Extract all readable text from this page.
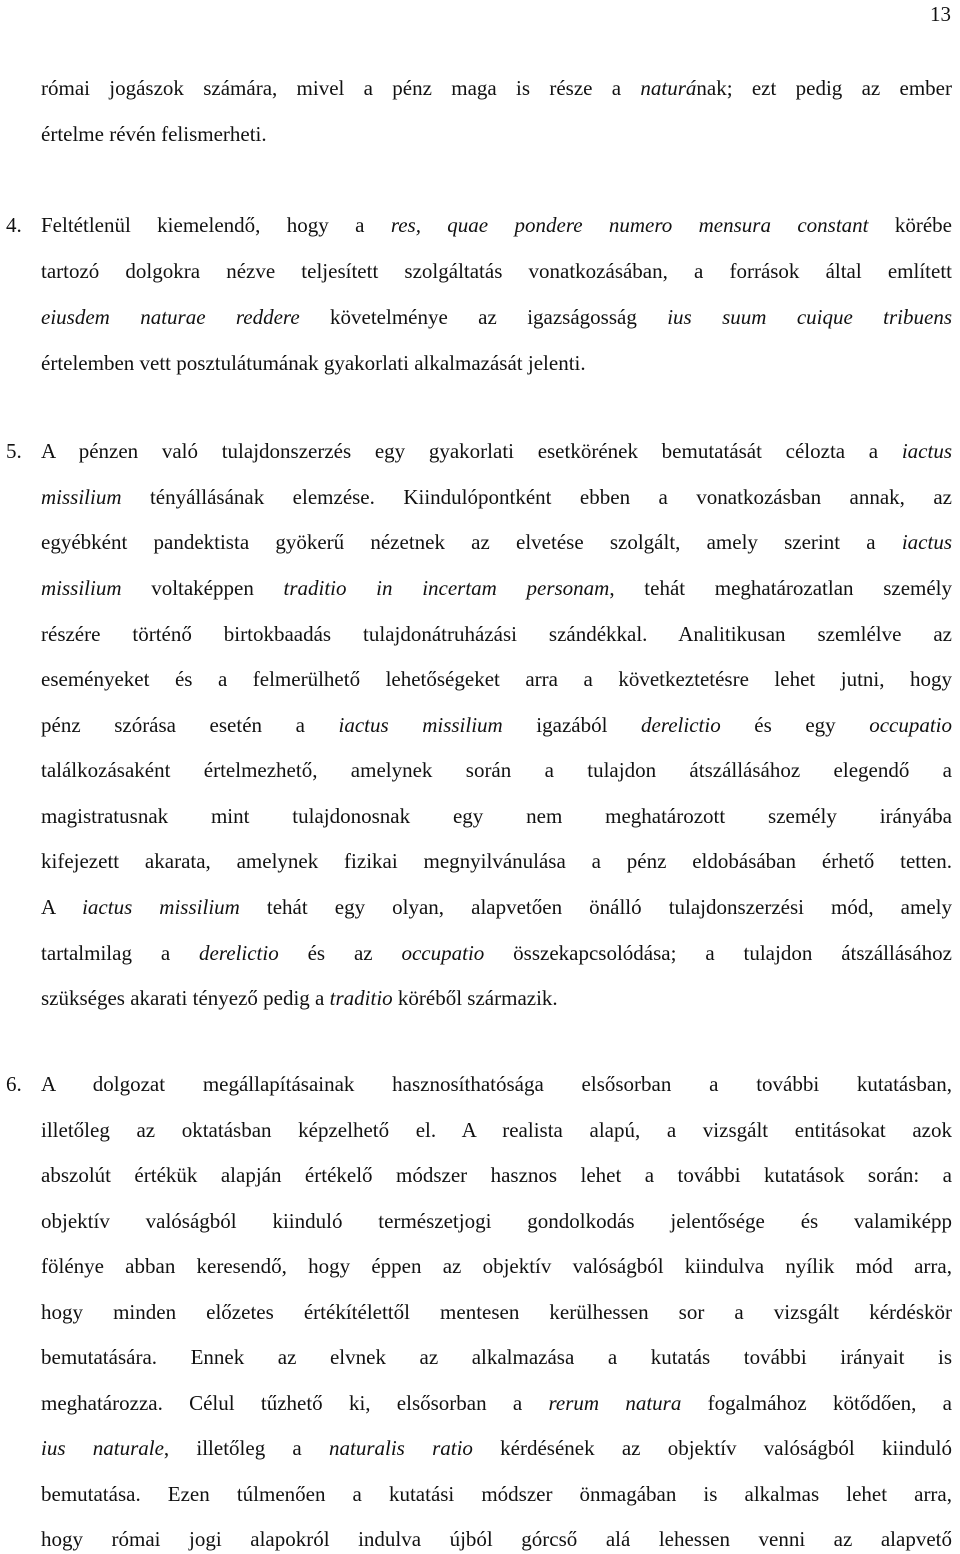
13
4.
5.
6.
római jogászok számára, mivel a pénz maga is része a naturának; ezt pedig az ember
értelme révén felismerheti.
Feltétlenül kiemelendő, hogy a res, quae pondere numero mensura constant körébe
tartozó dolgokra nézve teljesített szolgáltatás vonatkozásában, a források által említett
eiusdem naturae reddere követelménye az igazságosság ius suum cuique tribuens
értelemben vett posztulátumának gyakorlati alkalmazását jelenti.
A pénzen való tulajdonszerzés egy gyakorlati esetkörének bemutatását célozta a iactus
missilium tényállásának elemzése. Kiindulópontként ebben a vonatkozásban annak, az
egyébként pandektista gyökerű nézetnek az elvetése szolgált, amely szerint a iactus
missilium voltaképpen traditio in incertam personam, tehát meghatározatlan személy
részére történő birtokbaadás tulajdonátruházási szándékkal. Analitikusan szemlélve az
eseményeket és a felmerülhető lehetőségeket arra a következtetésre lehet jutni, hogy
pénz szórása esetén a iactus missilium igazából derelictio és egy occupatio
találkozásaként értelmezhető, amelynek során a tulajdon átszállásához elegendő a
magistratusnak mint tulajdonosnak egy nem meghatározott személy irányába
kifejezett akarata, amelynek fizikai megnyilvánulása a pénz eldobásában érhető tetten.
A iactus missilium tehát egy olyan, alapvetően önálló tulajdonszerzési mód, amely
tartalmilag a derelictio és az occupatio összekapcsolódása; a tulajdon átszállásához
szükséges akarati tényező pedig a traditio köréből származik.
A dolgozat megállapításainak hasznosíthatósága elsősorban a további kutatásban,
illetőleg az oktatásban képzelhető el. A realista alapú, a vizsgált entitásokat azok
abszolút értékük alapján értékelő módszer hasznos lehet a további kutatások során: a
objektív valóságból kiinduló természetjogi gondolkodás jelentősége és valamiképp
fölénye abban keresendő, hogy éppen az objektív valóságból kiindulva nyílik mód arra,
hogy minden előzetes értékítélettől mentesen kerülhessen sor a vizsgált kérdéskör
bemutatására. Ennek az elvnek az alkalmazása a kutatás további irányait is
meghatározza. Célul tűzhető ki, elsősorban a rerum natura fogalmához kötődően, a
ius naturale, illetőleg a naturalis ratio kérdésének az objektív valóságból kiinduló
bemutatása. Ezen túlmenően a kutatási módszer önmagában is alkalmas lehet arra,
hogy római jogi alapokról indulva újból górcső alá lehessen venni az alapvető
